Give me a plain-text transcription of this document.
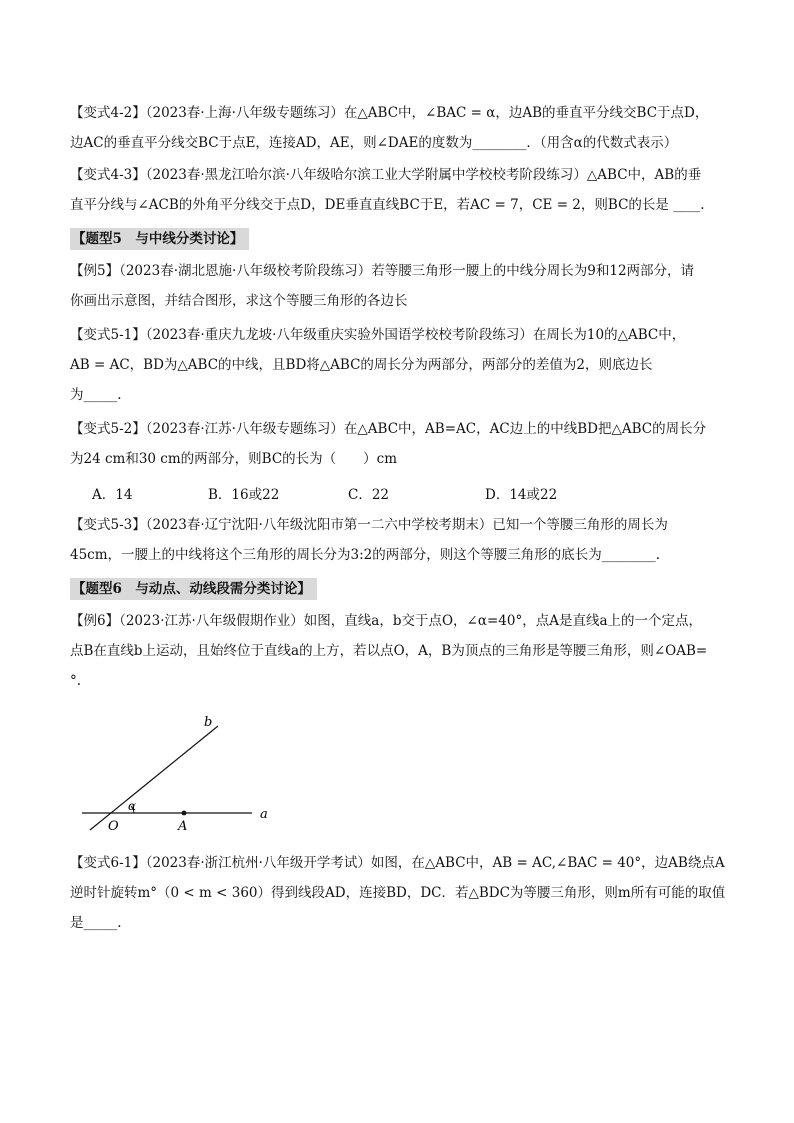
【变式4-2】（2023春·上海·八年级专题练习）在△ABC中，∠BAC = α，边AB的垂直平分线交BC于点D，
边AC的垂直平分线交BC于点E，连接AD，AE，则∠DAE的度数为________．（用含α的代数式表示）
【变式4-3】（2023春·黑龙江哈尔滨·八年级哈尔滨工业大学附属中学校校考阶段练习）△ABC中，AB的垂
直平分线与∠ACB的外角平分线交于点D，DE垂直直线BC于E，若AC = 7，CE = 2，则BC的长是 ____.
【题型5　与中线分类讨论】
【例5】（2023春·湖北恩施·八年级校考阶段练习）若等腰三角形一腰上的中线分周长为9和12两部分，请
你画出示意图，并结合图形，求这个等腰三角形的各边长
【变式5-1】（2023春·重庆九龙坡·八年级重庆实验外国语学校校考阶段练习）在周长为10的△ABC中，
AB = AC，BD为△ABC的中线，且BD将△ABC的周长分为两部分，两部分的差值为2，则底边长
为_____.
【变式5-2】（2023春·江苏·八年级专题练习）在△ABC中，AB=AC，AC边上的中线BD把△ABC的周长分
为24 cm和30 cm的两部分，则BC的长为（　　）cm
A．14	B．16或22	C．22	D．14或22
【变式5-3】（2023春·辽宁沈阳·八年级沈阳市第一二六中学校考期末）已知一个等腰三角形的周长为
45cm，一腰上的中线将这个三角形的周长分为3:2的两部分，则这个等腰三角形的底长为________.
【题型6　与动点、动线段需分类讨论】
【例6】（2023·江苏·八年级假期作业）如图，直线a，b交于点O，∠α=40°，点A是直线a上的一个定点，
点B在直线b上运动，且始终位于直线a的上方，若以点O，A，B为顶点的三角形是等腰三角形，则∠OAB=
°.
b
α
O	A
a
【变式6-1】（2023春·浙江杭州·八年级开学考试）如图，在△ABC中，AB = AC,∠BAC = 40°，边AB绕点A
逆时针旋转m°（0 < m < 360）得到线段AD，连接BD，DC．若△BDC为等腰三角形，则m所有可能的取值
是_____.
